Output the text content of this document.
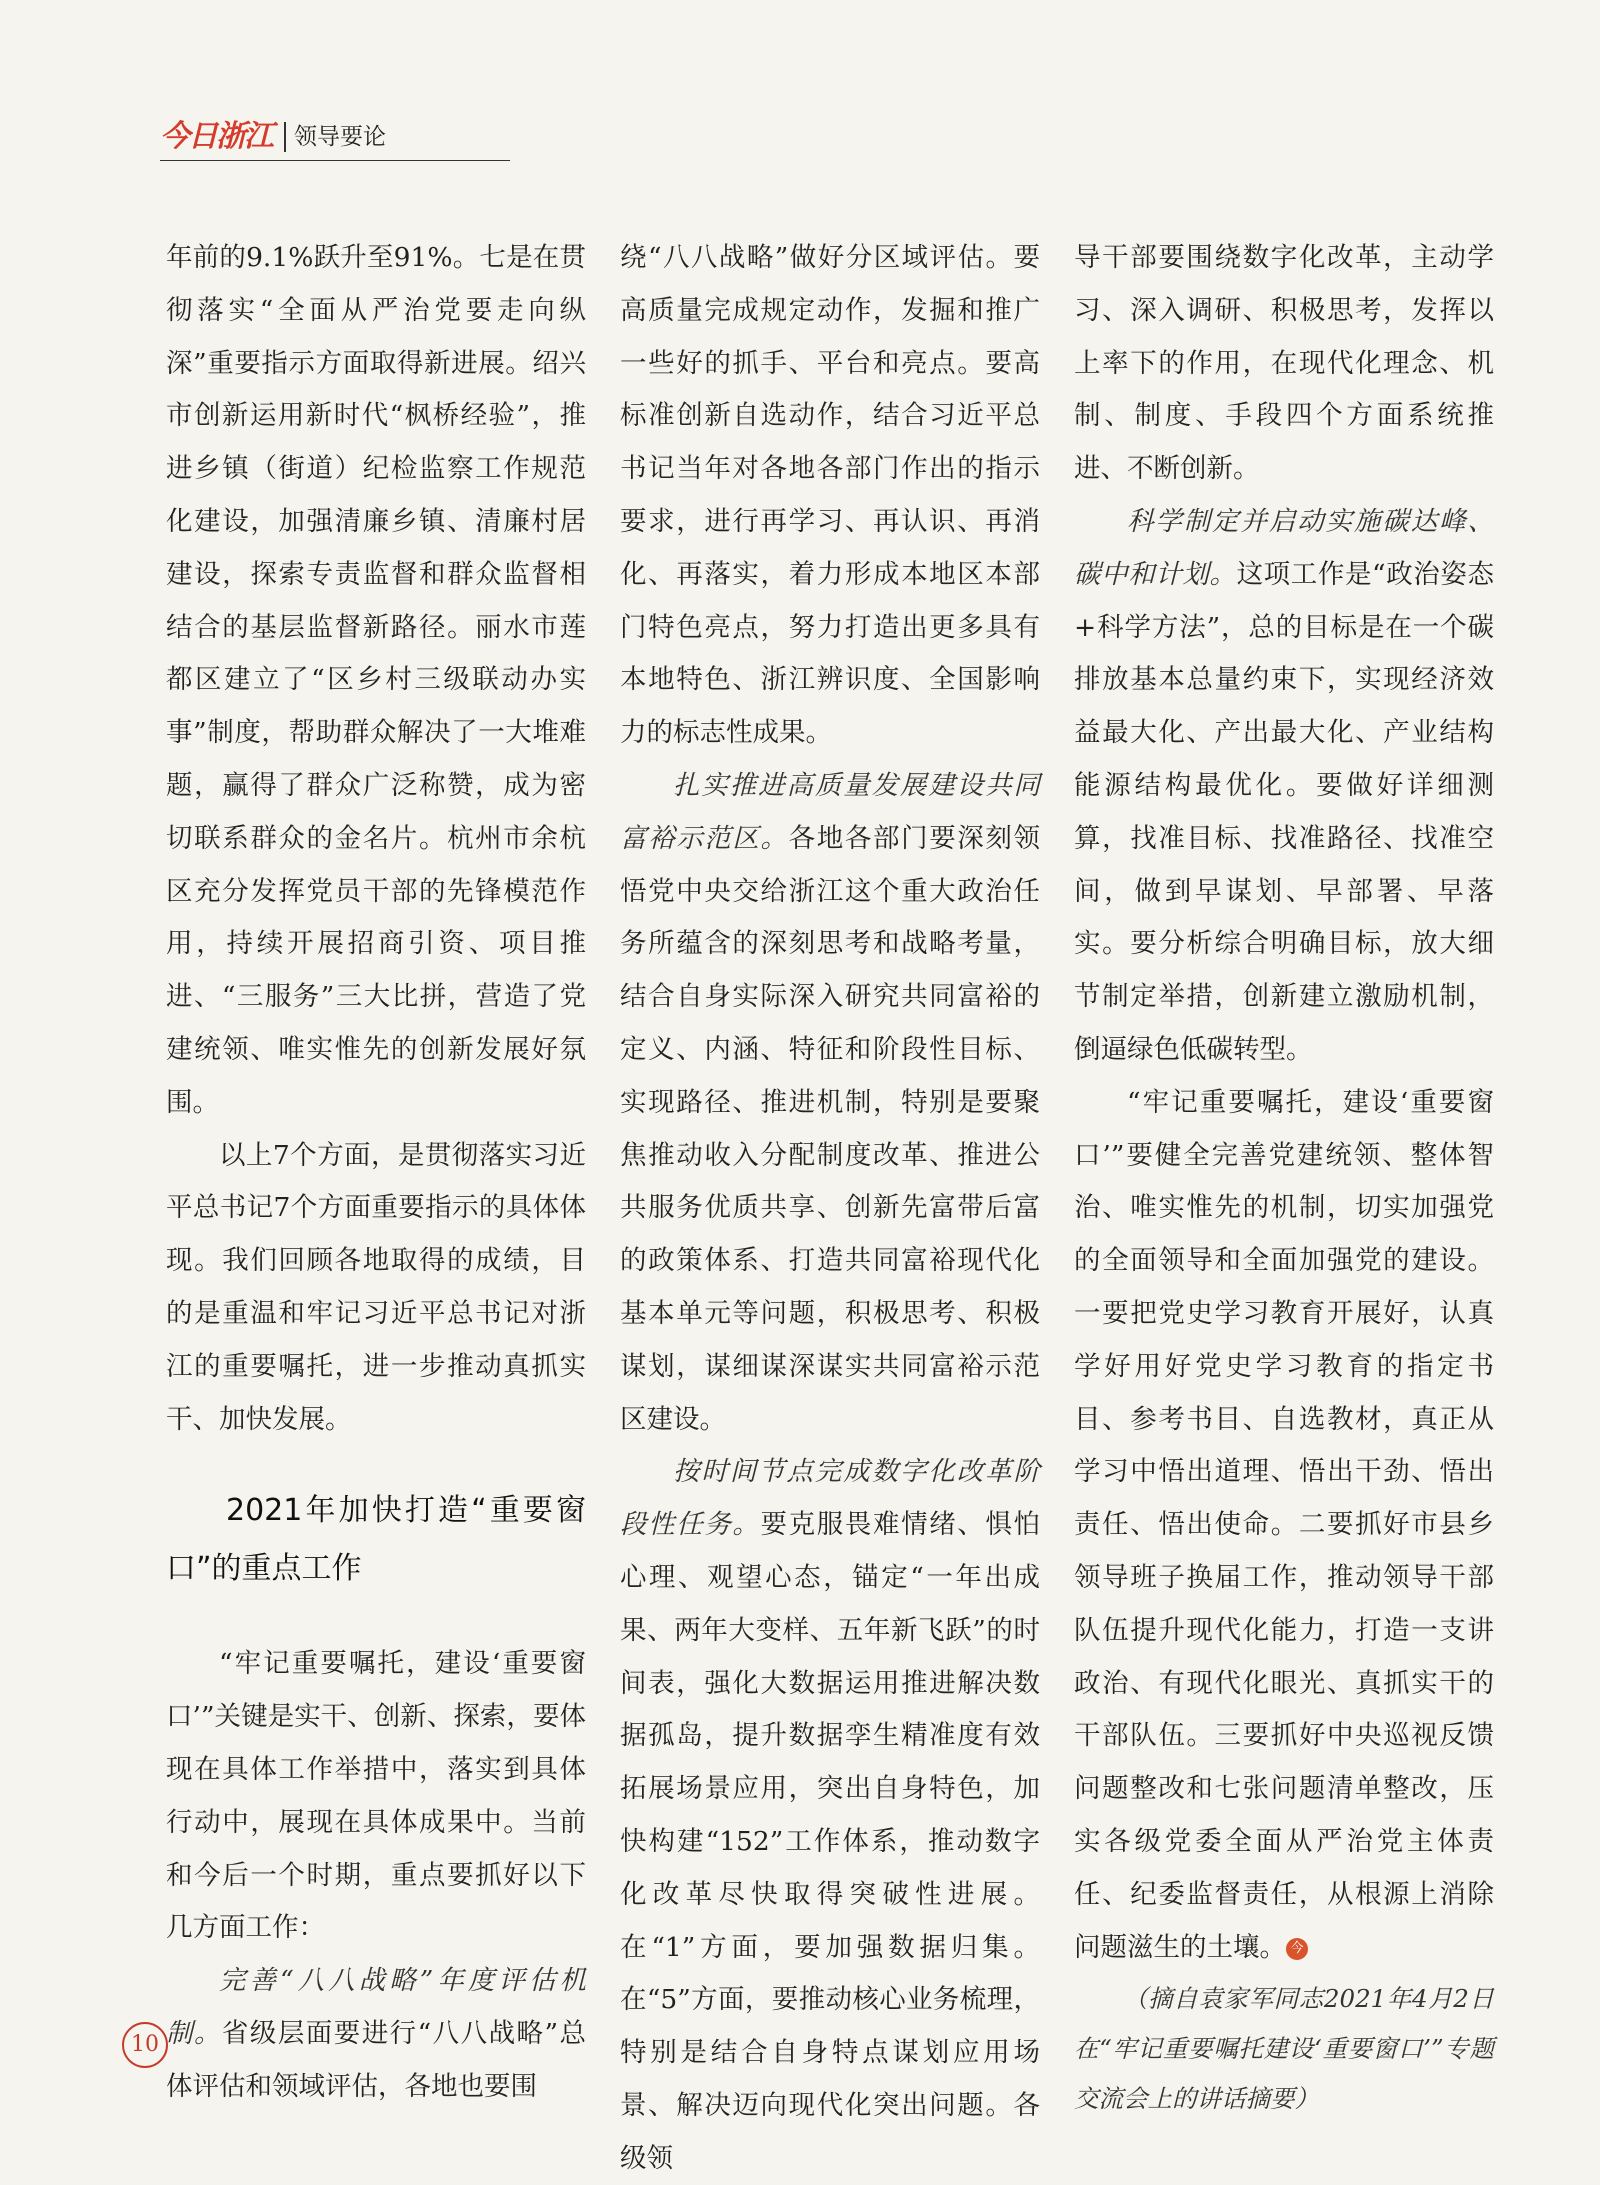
今日浙江 领导要论

年前的9.1%跃升至91%。七是在贯彻落实“全面从严治党要走向纵深”重要指示方面取得新进展。绍兴市创新运用新时代“枫桥经验”，推进乡镇（街道）纪检监察工作规范化建设，加强清廉乡镇、清廉村居建设，探索专责监督和群众监督相结合的基层监督新路径。丽水市莲都区建立了“区乡村三级联动办实事”制度，帮助群众解决了一大堆难题，赢得了群众广泛称赞，成为密切联系群众的金名片。杭州市余杭区充分发挥党员干部的先锋模范作用，持续开展招商引资、项目推进、“三服务”三大比拼，营造了党建统领、唯实惟先的创新发展好氛围。

以上7个方面，是贯彻落实习近平总书记7个方面重要指示的具体体现。我们回顾各地取得的成绩，目的是重温和牢记习近平总书记对浙江的重要嘱托，进一步推动真抓实干、加快发展。

2021年加快打造“重要窗口”的重点工作

“牢记重要嘱托，建设‘重要窗口’”关键是实干、创新、探索，要体现在具体工作举措中，落实到具体行动中，展现在具体成果中。当前和今后一个时期，重点要抓好以下几方面工作：

完善“八八战略”年度评估机制。省级层面要进行“八八战略”总体评估和领域评估，各地也要围

绕“八八战略”做好分区域评估。要高质量完成规定动作，发掘和推广一些好的抓手、平台和亮点。要高标准创新自选动作，结合习近平总书记当年对各地各部门作出的指示要求，进行再学习、再认识、再消化、再落实，着力形成本地区本部门特色亮点，努力打造出更多具有本地特色、浙江辨识度、全国影响力的标志性成果。

扎实推进高质量发展建设共同富裕示范区。各地各部门要深刻领悟党中央交给浙江这个重大政治任务所蕴含的深刻思考和战略考量，结合自身实际深入研究共同富裕的定义、内涵、特征和阶段性目标、实现路径、推进机制，特别是要聚焦推动收入分配制度改革、推进公共服务优质共享、创新先富带后富的政策体系、打造共同富裕现代化基本单元等问题，积极思考、积极谋划，谋细谋深谋实共同富裕示范区建设。

按时间节点完成数字化改革阶段性任务。要克服畏难情绪、惧怕心理、观望心态，锚定“一年出成果、两年大变样、五年新飞跃”的时间表，强化大数据运用推进解决数据孤岛，提升数据孪生精准度有效拓展场景应用，突出自身特色，加快构建“152”工作体系，推动数字化改革尽快取得突破性进展。在“1”方面，要加强数据归集。在“5”方面，要推动核心业务梳理，特别是结合自身特点谋划应用场景、解决迈向现代化突出问题。各级领

导干部要围绕数字化改革，主动学习、深入调研、积极思考，发挥以上率下的作用，在现代化理念、机制、制度、手段四个方面系统推进、不断创新。

科学制定并启动实施碳达峰、碳中和计划。这项工作是“政治姿态+科学方法”，总的目标是在一个碳排放基本总量约束下，实现经济效益最大化、产出最大化、产业结构能源结构最优化。要做好详细测算，找准目标、找准路径、找准空间，做到早谋划、早部署、早落实。要分析综合明确目标，放大细节制定举措，创新建立激励机制，倒逼绿色低碳转型。

“牢记重要嘱托，建设‘重要窗口’”要健全完善党建统领、整体智治、唯实惟先的机制，切实加强党的全面领导和全面加强党的建设。一要把党史学习教育开展好，认真学好用好党史学习教育的指定书目、参考书目、自选教材，真正从学习中悟出道理、悟出干劲、悟出责任、悟出使命。二要抓好市县乡领导班子换届工作，推动领导干部队伍提升现代化能力，打造一支讲政治、有现代化眼光、真抓实干的干部队伍。三要抓好中央巡视反馈问题整改和七张问题清单整改，压实各级党委全面从严治党主体责任、纪委监督责任，从根源上消除问题滋生的土壤。 今

（摘自袁家军同志2021年4月2日在“牢记重要嘱托建设‘重要窗口’”专题交流会上的讲话摘要）

10
